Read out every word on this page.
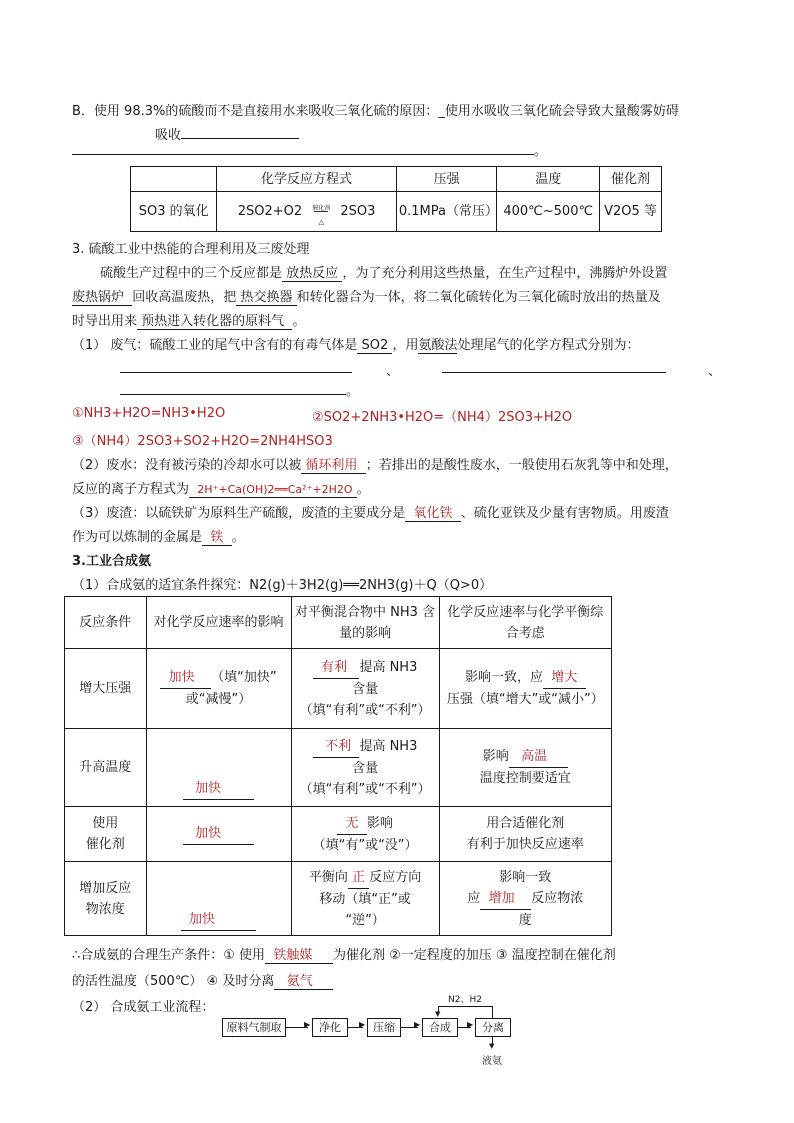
B．使用 98.3%的硫酸而不是直接用水来吸收三氧化硫的原因：_使用水吸收三氧化硫会导致大量酸雾妨碍
吸收
。
	化学反应方程式	压强	温度	催化剂
SO3 的氧化	2SO2+O2 催化剂
△
2SO3	0.1MPa（常压）	400℃~500℃	V2O5 等
3. 硫酸工业中热能的合理利用及三废处理
硫酸生产过程中的三个反应都是 放热反应 ，为了充分利用这些热量，在生产过程中，沸腾炉外设置
废热锅炉 回收高温废热，把 热交换器 和转化器合为一体，将二氧化硫转化为三氧化硫时放出的热量及
时导出用来 预热进入转化器的原料气 。
（1） 废气：硫酸工业的尾气中含有的有毒气体是 SO2 ，用氨酸法处理尾气的化学方程式分别为：
、	、
。
①NH3+H2O=NH3•H2O	②SO2+2NH3•H2O=（NH4）2SO3+H2O
③（NH4）2SO3+SO2+H2O=2NH4HSO3
（2）废水：没有被污染的冷却水可以被 循环利用 ；若排出的是酸性废水，一般使用石灰乳等中和处理，
反应的离子方程式为 2H⁺+Ca(OH)2══Ca²⁺+2H2O 。
（3）废渣：以硫铁矿为原料生产硫酸，废渣的主要成分是 氧化铁 、硫化亚铁及少量有害物质。用废渣
作为可以炼制的金属是 铁 。
3.工业合成氨
（1）合成氨的适宜条件探究：N2(g)＋3H2(g)══2NH3(g)＋Q（Q>0）
反应条件	对化学反应速率的影响	对平衡混合物中 NH3 含量的影响	化学反应速率与化学平衡综合考虑
增大压强	加快 （填“加快”
或“减慢”）	有利 提高 NH3
含量
（填“有利”或“不利”）	影响一致，应 增大
压强（填“增大”或“减小”）
升高温度	加快	不利 提高 NH3
含量
（填“有利”或“不利”）	影响 高温
温度控制要适宜
使用
催化剂	加快	无 影响
（填“有”或“没”）	用合适催化剂
有利于加快反应速率
增加反应
物浓度	加快	平衡向 正 反应方向
移动（填“正”或
“逆”）	影响一致
应 增加 反应物浓
度
∴合成氨的合理生产条件：① 使用 铁触媒 为催化剂 ②一定程度的加压 ③ 温度控制在催化剂
的活性温度（500℃） ④ 及时分离 氨气
（2） 合成氨工业流程：
原料气制取	▶ 净化	▶ 压缩	▶ 合成	▶ 分离
▼
N2、H2
▼
液氨
